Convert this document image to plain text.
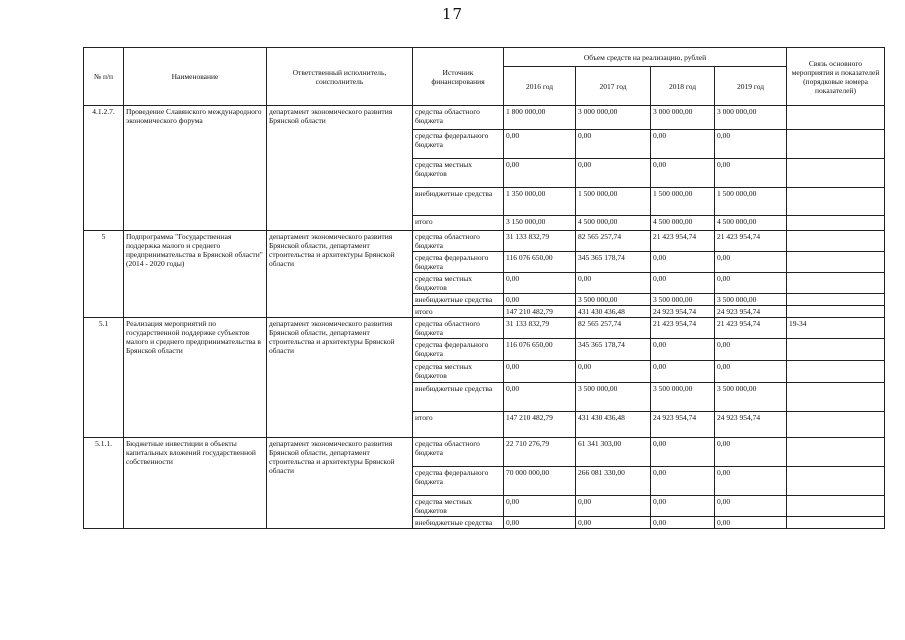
17
№ п/п	Наименование	Ответственный исполнитель, соисполнитель	Источник финансирования	Объем средств на реализацию, рублей				Связь основного мероприятия и показателей (порядковые номера показателей)
				2016 год	2017 год	2018 год	2019 год	
4.1.2.7.	Проведение Славянского международного экономического форума	департамент экономического развития Брянской области	средства областного бюджета	1 800 000,00	3 000 000,00	3 000 000,00	3 000 000,00	
			средства федерального бюджета	0,00	0,00	0,00	0,00	
			средства местных бюджетов	0,00	0,00	0,00	0,00	
			внебюджетные средства	1 350 000,00	1 500 000,00	1 500 000,00	1 500 000,00	
			итого	3 150 000,00	4 500 000,00	4 500 000,00	4 500 000,00	
5	Подпрограмма "Государственная поддержка малого и среднего предпринимательства в Брянской области" (2014 - 2020 годы)	департамент экономического развития Брянской области, департамент строительства и архитектуры Брянской области	средства областного бюджета	31 133 832,79	82 565 257,74	21 423 954,74	21 423 954,74	
			средства федерального бюджета	116 076 650,00	345 365 178,74	0,00	0,00	
			средства местных бюджетов	0,00	0,00	0,00	0,00	
			внебюджетные средства	0,00	3 500 000,00	3 500 000,00	3 500 000,00	
			итого	147 210 482,79	431 430 436,48	24 923 954,74	24 923 954,74	
5.1	Реализация мероприятий по государственной поддержке субъектов малого и среднего предпринимательства в Брянской области	департамент экономического развития Брянской области, департамент строительства и архитектуры Брянской области	средства областного бюджета	31 133 832,79	82 565 257,74	21 423 954,74	21 423 954,74	19-34
			средства федерального бюджета	116 076 650,00	345 365 178,74	0,00	0,00	
			средства местных бюджетов	0,00	0,00	0,00	0,00	
			внебюджетные средства	0,00	3 500 000,00	3 500 000,00	3 500 000,00	
			итого	147 210 482,79	431 430 436,48	24 923 954,74	24 923 954,74	
5.1.1.	Бюджетные инвестиции в объекты капитальных вложений государственной собственности	департамент экономического развития Брянской области, департамент строительства и архитектуры Брянской области	средства областного бюджета	22 710 276,79	61 341 303,00	0,00	0,00	
			средства федерального бюджета	70 000 000,00	266 081 330,00	0,00	0,00	
			средства местных бюджетов	0,00	0,00	0,00	0,00	
			внебюджетные средства	0,00	0,00	0,00	0,00	
